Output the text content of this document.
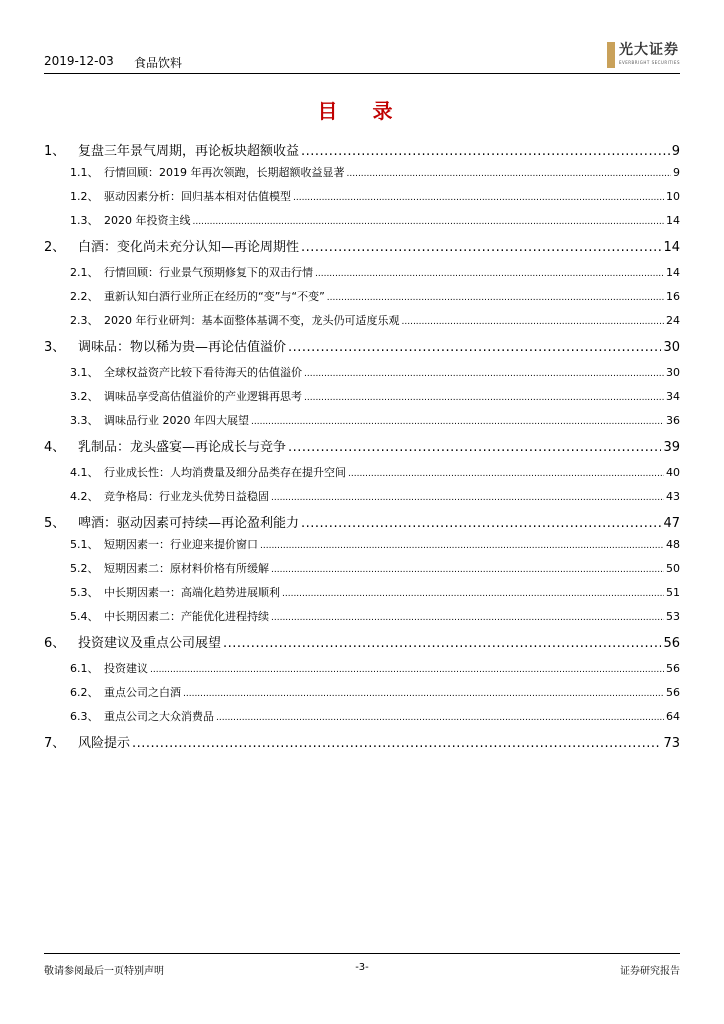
2019-12-03 食品饮料
光大证券
EVERBRIGHT SECURITIES
目 录
1、 复盘三年景气周期，再论板块超额收益 .....	9
1.1、 行情回顾：2019 年再次领跑，长期超额收益显著 .....	9
1.2、 驱动因素分析：回归基本相对估值模型 .....	10
1.3、 2020 年投资主线 .....	14
2、 白酒：变化尚未充分认知—再论周期性 .....	14
2.1、 行情回顾：行业景气预期修复下的双击行情 .....	14
2.2、 重新认知白酒行业所正在经历的“变”与“不变” .....	16
2.3、 2020 年行业研判：基本面整体基调不变，龙头仍可适度乐观 .....	24
3、 调味品：物以稀为贵—再论估值溢价 .....	30
3.1、 全球权益资产比较下看待海天的估值溢价 .....	30
3.2、 调味品享受高估值溢价的产业逻辑再思考 .....	34
3.3、 调味品行业 2020 年四大展望 .....	36
4、 乳制品：龙头盛宴—再论成长与竞争 .....	39
4.1、 行业成长性：人均消费量及细分品类存在提升空间 .....	40
4.2、 竞争格局：行业龙头优势日益稳固 .....	43
5、 啤酒：驱动因素可持续—再论盈利能力 .....	47
5.1、 短期因素一：行业迎来提价窗口 .....	48
5.2、 短期因素二：原材料价格有所缓解 .....	50
5.3、 中长期因素一：高端化趋势进展顺利 .....	51
5.4、 中长期因素二：产能优化进程持续 .....	53
6、 投资建议及重点公司展望 .....	56
6.1、 投资建议 .....	56
6.2、 重点公司之白酒 .....	56
6.3、 重点公司之大众消费品 .....	64
7、 风险提示 .....	73
敬请参阅最后一页特别声明	-3-	证券研究报告
